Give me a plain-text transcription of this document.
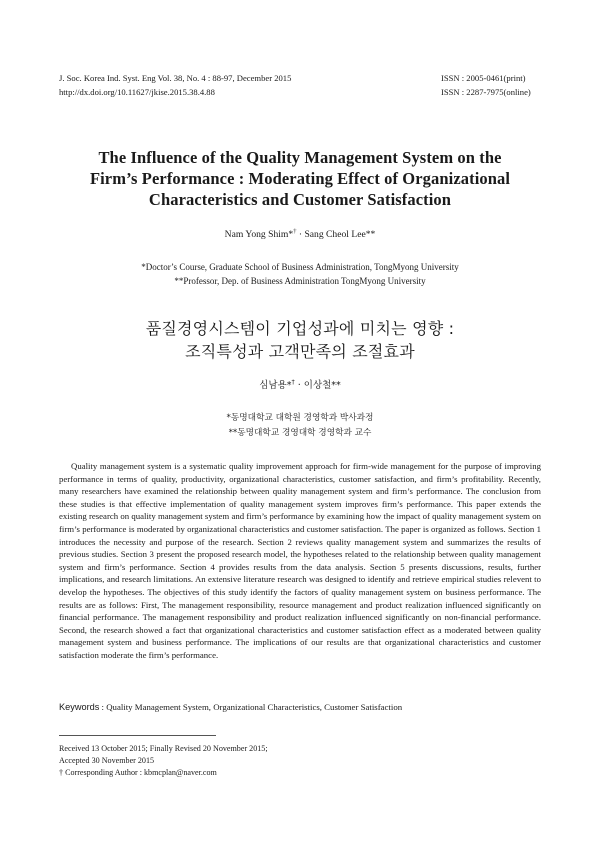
J. Soc. Korea Ind. Syst. Eng Vol. 38, No. 4 : 88-97, December 2015
http://dx.doi.org/10.11627/jkise.2015.38.4.88
ISSN : 2005-0461(print)
ISSN : 2287-7975(online)
The Influence of the Quality Management System on the
Firm’s Performance : Moderating Effect of Organizational
Characteristics and Customer Satisfaction
Nam Yong Shim*† · Sang Cheol Lee**
*Doctor’s Course, Graduate School of Business Administration, TongMyong University
**Professor, Dep. of Business Administration TongMyong University
품질경영시스템이 기업성과에 미치는 영향 :
조직특성과 고객만족의 조절효과
심남용*† · 이상철**
*동명대학교 대학원 경영학과 박사과정
**동명대학교 경영대학 경영학과 교수

Quality management system is a systematic quality improvement approach for firm-wide management for the purpose of improving performance in terms of quality, productivity, organizational characteristics, customer satisfaction, and firm’s profitability. Recently, many researchers have examined the relationship between quality management system and firm’s performance. The conclusion from these studies is that effective implementation of quality management system improves firm’s performance. This paper extends the existing research on quality management system and firm’s performance by examining how the impact of quality management system on firm’s performance is moderated by organizational characteristics and customer satisfaction. The paper is organized as follows. Section 1 introduces the necessity and purpose of the research. Section 2 reviews quality management system and summarizes the results of previous studies. Section 3 present the proposed research model, the hypotheses related to the relationship between quality management system and firm’s performance. Section 4 provides results from the data analysis. Section 5 presents discussions, results, further implications, and research limitations. An extensive literature research was designed to identify and retrieve empirical studies relevent to develop the hypotheses. The objectives of this study identify the factors of quality management system on business performance. The results are as follows: First, The management responsibility, resource management and product realization influenced significantly on financial performance. The management responsibility and product realization influenced significantly on non-financial performance. Second, the research showed a fact that organizational characteristics and customer satisfaction effect as a moderated between quality management system and business performance. The implications of our results are that organizational characteristics and customer satisfaction moderate the firm’s performance.

Keywords : Quality Management System, Organizational Characteristics, Customer Satisfaction
Received 13 October 2015; Finally Revised 20 November 2015;
Accepted 30 November 2015
† Corresponding Author : kbmcplan@naver.com
